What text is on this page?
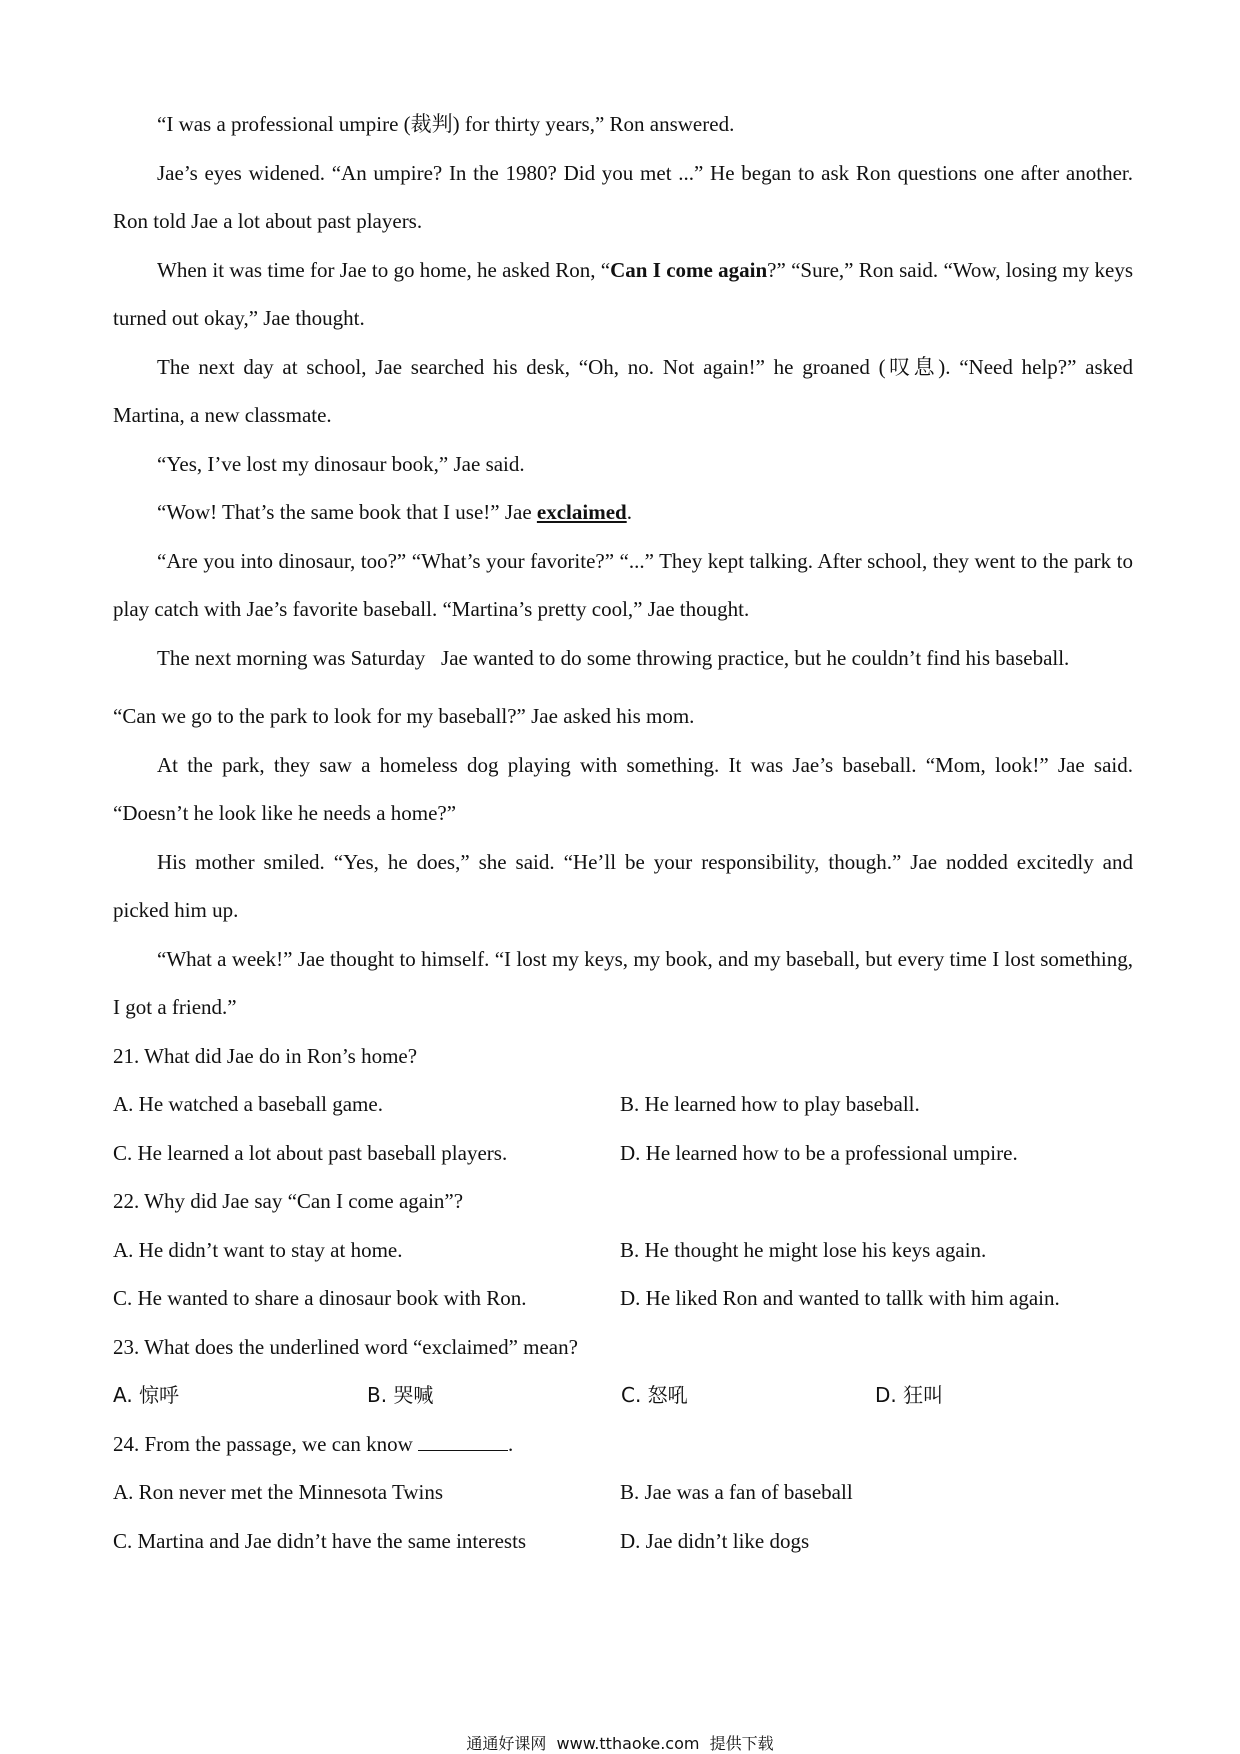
“I was a professional umpire (裁判) for thirty years,” Ron answered.

Jae’s eyes widened. “An umpire? In the 1980? Did you met ...” He began to ask Ron questions one after another. Ron told Jae a lot about past players.

When it was time for Jae to go home, he asked Ron, “Can I come again?” “Sure,” Ron said. “Wow, losing my keys turned out okay,” Jae thought.

The next day at school, Jae searched his desk, “Oh, no. Not again!” he groaned (叹息). “Need help?” asked Martina, a new classmate.

“Yes, I’ve lost my dinosaur book,” Jae said.

“Wow! That’s the same book that I use!” Jae exclaimed.

“Are you into dinosaur, too?” “What’s your favorite?” “...” They kept talking. After school, they went to the park to play catch with Jae’s favorite baseball. “Martina’s pretty cool,” Jae thought.

The next morning was Saturday   Jae wanted to do some throwing practice, but he couldn’t find his baseball.

“Can we go to the park to look for my baseball?” Jae asked his mom.

At the park, they saw a homeless dog playing with something. It was Jae’s baseball. “Mom, look!” Jae said. “Doesn’t he look like he needs a home?”

His mother smiled. “Yes, he does,” she said. “He’ll be your responsibility, though.” Jae nodded excitedly and picked him up.

“What a week!” Jae thought to himself. “I lost my keys, my book, and my baseball, but every time I lost something, I got a friend.”

21. What did Jae do in Ron’s home?

A. He watched a baseball game.	B. He learned how to play baseball.
C. He learned a lot about past baseball players.	D. He learned how to be a professional umpire.

22. Why did Jae say “Can I come again”?

A. He didn’t want to stay at home.	B. He thought he might lose his keys again.
C. He wanted to share a dinosaur book with Ron.	D. He liked Ron and wanted to tallk with him again.

23. What does the underlined word “exclaimed” mean?

A. 惊呼	B. 哭喊	C. 怒吼	D. 狂叫

24. From the passage, we can know	.

A. Ron never met the Minnesota Twins	B. Jae was a fan of baseball
C. Martina and Jae didn’t have the same interests	D. Jae didn’t like dogs
通通好课网  www.tthaoke.com  提供下载
